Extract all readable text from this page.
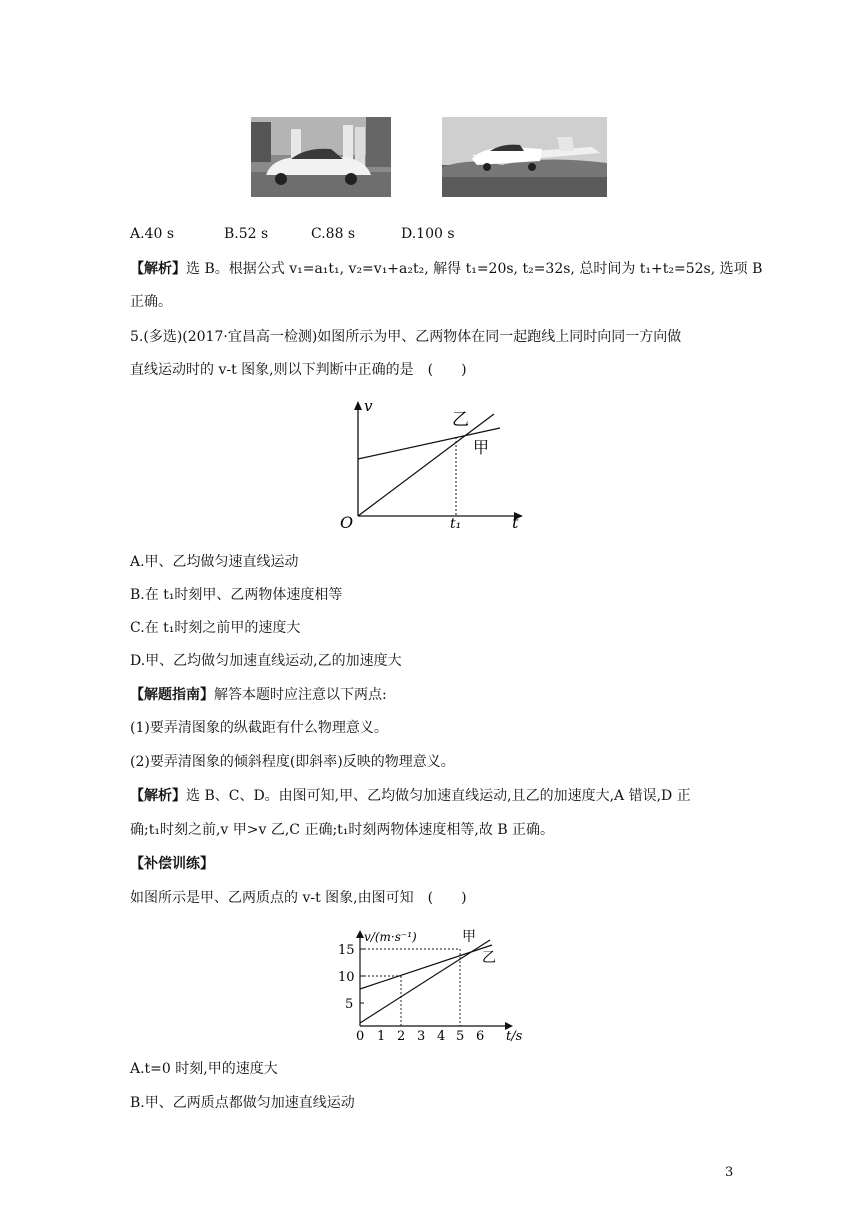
A.40 s	B.52 s	C.88 s	D.100 s
【解析】选 B。根据公式 v₁=a₁t₁, v₂=v₁+a₂t₂, 解得 t₁=20s, t₂=32s, 总时间为 t₁+t₂=52s, 选项 B
正确。
5.(多选)(2017·宜昌高一检测)如图所示为甲、乙两物体在同一起跑线上同时向同一方向做
直线运动时的 v-t 图象,则以下判断中正确的是　(　　)
v
t
O	t₁
乙
甲
A.甲、乙均做匀速直线运动
B.在 t₁时刻甲、乙两物体速度相等
C.在 t₁时刻之前甲的速度大
D.甲、乙均做匀加速直线运动,乙的加速度大
【解题指南】解答本题时应注意以下两点:
(1)要弄清图象的纵截距有什么物理意义。
(2)要弄清图象的倾斜程度(即斜率)反映的物理意义。
【解析】选 B、C、D。由图可知,甲、乙均做匀加速直线运动,且乙的加速度大,A 错误,D 正
确;t₁时刻之前,v 甲>v 乙,C 正确;t₁时刻两物体速度相等,故 B 正确。
【补偿训练】
如图所示是甲、乙两质点的 v-t 图象,由图可知　(　　)
5
10
15
0 1 2 3 4 5 6 t/s
v/(m·s⁻¹)	甲
乙
A.t=0 时刻,甲的速度大
B.甲、乙两质点都做匀加速直线运动
3
